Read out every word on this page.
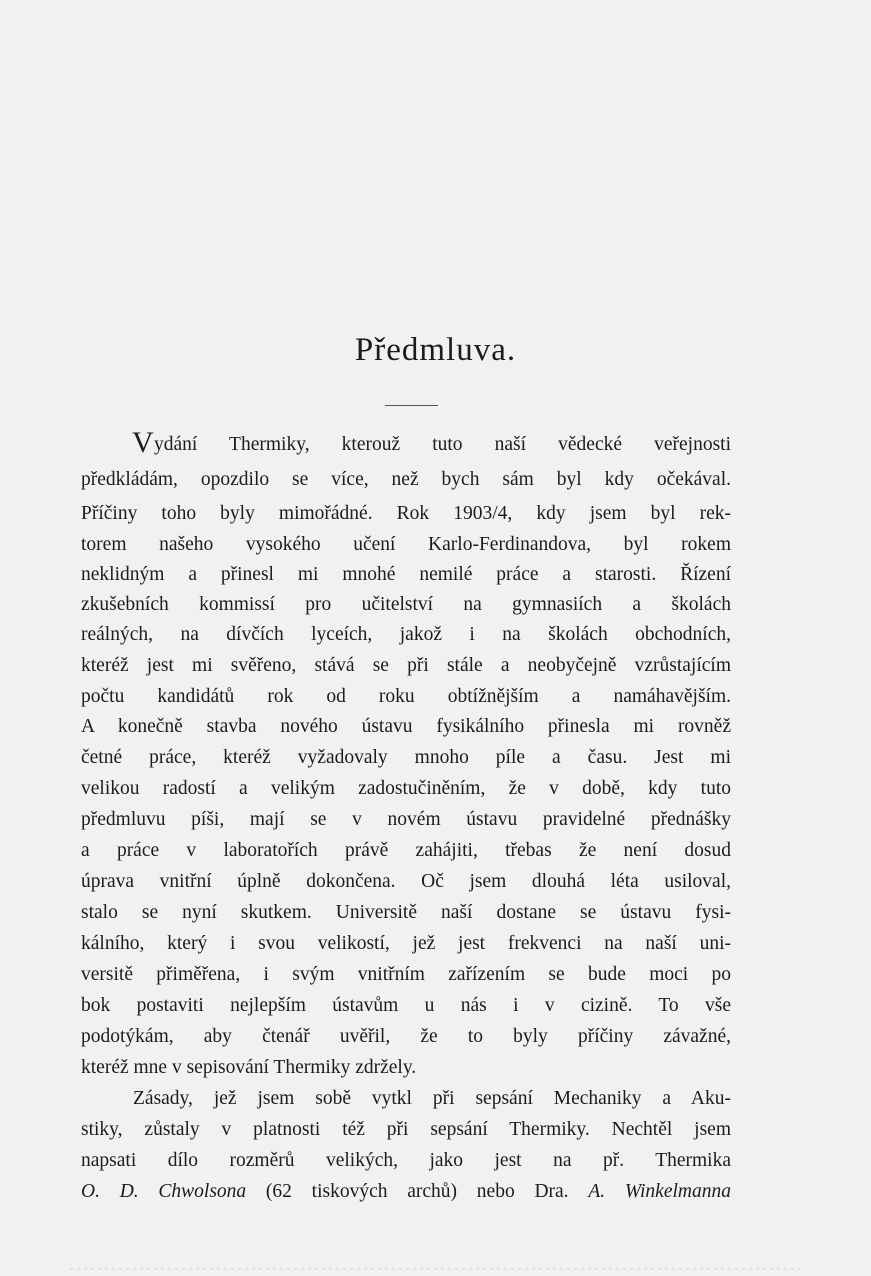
Předmluva.
V ydání Thermiky, kterouž tuto naší vědecké veřejnosti
předkládám, opozdilo se více, než bych sám byl kdy očekával.
Příčiny toho byly mimořádné. Rok 1903/4, kdy jsem byl rek-
torem našeho vysokého učení Karlo-Ferdinandova, byl rokem
neklidným a přinesl mi mnohé nemilé práce a starosti. Řízení
zkušebních kommissí pro učitelství na gymnasiích a školách
reálných, na dívčích lyceích, jakož i na školách obchodních,
kteréž jest mi svěřeno, stává se při stále a neobyčejně vzrůstajícím
počtu kandidátů rok od roku obtížnějším a namáhavějším.
A konečně stavba nového ústavu fysikálního přinesla mi rovněž
četné práce, kteréž vyžadovaly mnoho píle a času. Jest mi
velikou radostí a velikým zadostučiněním, že v době, kdy tuto
předmluvu píši, mají se v novém ústavu pravidelné přednášky
a práce v laboratořích právě zahájiti, třebas že není dosud
úprava vnitřní úplně dokončena. Oč jsem dlouhá léta usiloval,
stalo se nyní skutkem. Universitě naší dostane se ústavu fysi-
kálního, který i svou velikostí, jež jest frekvenci na naší uni-
versitě přiměřena, i svým vnitřním zařízením se bude moci po
bok postaviti nejlepším ústavům u nás i v cizině. To vše
podotýkám, aby čtenář uvěřil, že to byly příčiny závažné,
kteréž mne v sepisování Thermiky zdržely.
Zásady, jež jsem sobě vytkl při sepsání Mechaniky a Aku-
stiky, zůstaly v platnosti též při sepsání Thermiky. Nechtěl jsem
napsati dílo rozměrů velikých, jako jest na př. Thermika
O. D. Chwolsona (62 tiskových archů) nebo Dra. A. Winkelmanna
